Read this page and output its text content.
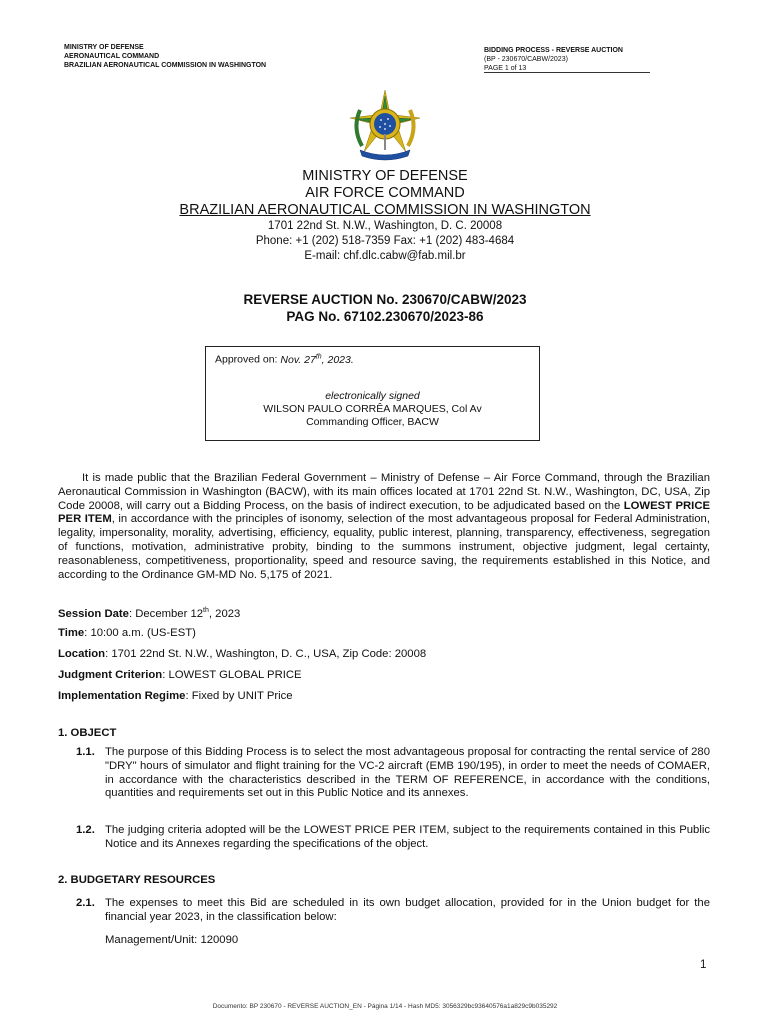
MINISTRY OF DEFENSE
AERONAUTICAL COMMAND
BRAZILIAN AERONAUTICAL COMMISSION IN WASHINGTON
BIDDING PROCESS - REVERSE AUCTION
(BP - 230670/CABW/2023)
PAGE 1 of 13
MINISTRY OF DEFENSE
AIR FORCE COMMAND
BRAZILIAN AERONAUTICAL COMMISSION IN WASHINGTON
1701 22nd St. N.W., Washington, D. C. 20008
Phone: +1 (202) 518-7359 Fax: +1 (202) 483-4684
E-mail: chf.dlc.cabw@fab.mil.br
REVERSE AUCTION No. 230670/CABW/2023
PAG No. 67102.230670/2023-86
Approved on: Nov. 27th, 2023.
electronically signed
WILSON PAULO CORRÊA MARQUES, Col Av
Commanding Officer, BACW
It is made public that the Brazilian Federal Government – Ministry of Defense – Air Force Command, through the Brazilian Aeronautical Commission in Washington (BACW), with its main offices located at 1701 22nd St. N.W., Washington, DC, USA, Zip Code 20008, will carry out a Bidding Process, on the basis of indirect execution, to be adjudicated based on the LOWEST PRICE PER ITEM, in accordance with the principles of isonomy, selection of the most advantageous proposal for Federal Administration, legality, impersonality, morality, advertising, efficiency, equality, public interest, planning, transparency, effectiveness, segregation of functions, motivation, administrative probity, binding to the summons instrument, objective judgment, legal certainty, reasonableness, competitiveness, proportionality, speed and resource saving, the requirements established in this Notice, and according to the Ordinance GM-MD No. 5,175 of 2021.
Session Date: December 12th, 2023
Time: 10:00 a.m. (US-EST)
Location: 1701 22nd St. N.W., Washington, D. C., USA, Zip Code: 20008
Judgment Criterion: LOWEST GLOBAL PRICE
Implementation Regime: Fixed by UNIT Price
1. OBJECT
1.1. The purpose of this Bidding Process is to select the most advantageous proposal for contracting the rental service of 280 "DRY" hours of simulator and flight training for the VC-2 aircraft (EMB 190/195), in order to meet the needs of COMAER, in accordance with the characteristics described in the TERM OF REFERENCE, in accordance with the conditions, quantities and requirements set out in this Public Notice and its annexes.
1.2. The judging criteria adopted will be the LOWEST PRICE PER ITEM, subject to the requirements contained in this Public Notice and its Annexes regarding the specifications of the object.
2. BUDGETARY RESOURCES
2.1. The expenses to meet this Bid are scheduled in its own budget allocation, provided for in the Union budget for the financial year 2023, in the classification below:
Management/Unit: 120090
1
Documento: BP 230670 - REVERSE AUCTION_EN - Página 1/14 - Hash MD5: 3056329bc93640576a1a829c9b035292
